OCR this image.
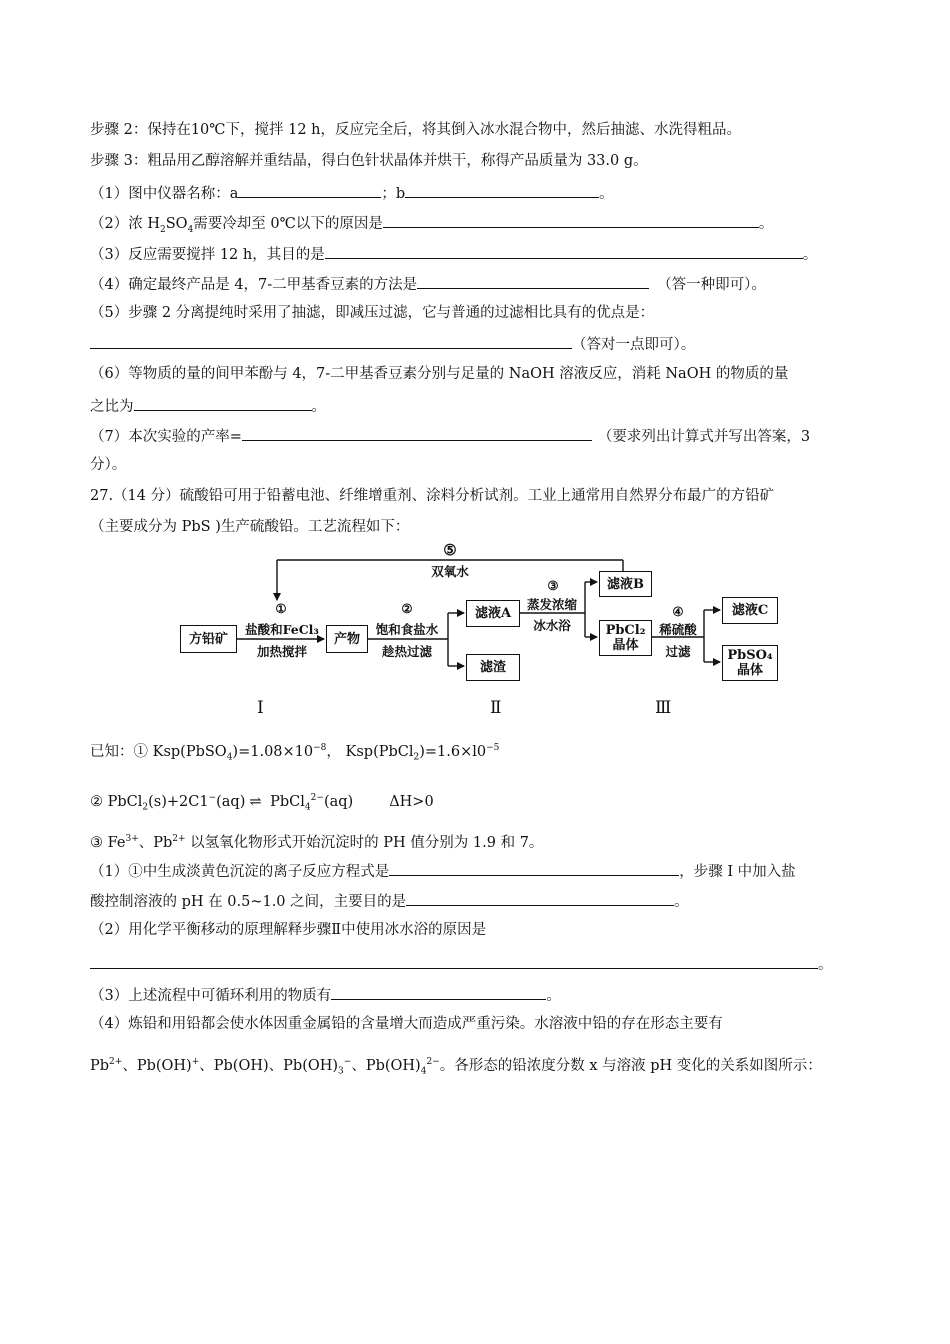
步骤 2：保持在10℃下，搅拌 12 h，反应完全后，将其倒入冰水混合物中，然后抽滤、水洗得粗品。
步骤 3：粗品用乙醇溶解并重结晶，得白色针状晶体并烘干，称得产品质量为 33.0 g。
（1）图中仪器名称：a	；b	。
（2）浓 $H_2SO_4$需要冷却至 0℃以下的原因是	。
（3）反应需要搅拌 12 h，其目的是	。
（4）确定最终产品是 4，7-二甲基香豆素的方法是	（答一种即可）。
（5）步骤 2 分离提纯时采用了抽滤，即减压过滤，它与普通的过滤相比具有的优点是：
（答对一点即可）。
（6）等物质的量的间甲苯酚与 4，7-二甲基香豆素分别与足量的 NaOH 溶液反应，消耗 NaOH 的物质的量
之比为	。
（7）本次实验的产率=	（要求列出计算式并写出答案，3
分）。
27.（14 分）硫酸铅可用于铅蓄电池、纤维增重剂、涂料分析试剂。工业上通常用自然界分布最广的方铅矿
（主要成分为 PbS )生产硫酸铅。工艺流程如下：
方铅矿	产物
滤液A
滤渣
滤液B
PbCl₂
晶体
滤液C
PbSO₄
晶体
①
盐酸和FeCl₃
加热搅拌
②
饱和食盐水
趁热过滤
③
蒸发浓缩
冰水浴
④
稀硫酸
过滤
⑤
双氧水
Ⅰ	Ⅱ	Ⅲ
已知：① $Ksp(PbSO_4)=1.08\times 10^{-8}$， $Ksp(PbCl_2)=1.6\times l0^{-5}$
② PbCl$_2$(s)+2C1−(aq) ⇌ PbCl$_4^{2-}$(aq) ΔH>0
③ $Fe^{3+}$、$Pb^{2+}$ 以氢氧化物形式开始沉淀时的 PH 值分别为 1.9 和 7。
（1）①中生成淡黄色沉淀的离子反应方程式是	，步骤 I 中加入盐
酸控制溶液的 pH 在 0.5~1.0 之间，主要目的是	。
（2）用化学平衡移动的原理解释步骤Ⅱ中使用冰水浴的原因是
。
（3）上述流程中可循环利用的物质有	。
（4）炼铅和用铅都会使水体因重金属铅的含量增大而造成严重污染。水溶液中铅的存在形态主要有
$Pb^{2+}$、Pb(OH)+、Pb(OH)、$Pb(OH)_3^-$、$Pb(OH)_4^{2-}$。各形态的铅浓度分数 x 与溶液 pH 变化的关系如图所示：
